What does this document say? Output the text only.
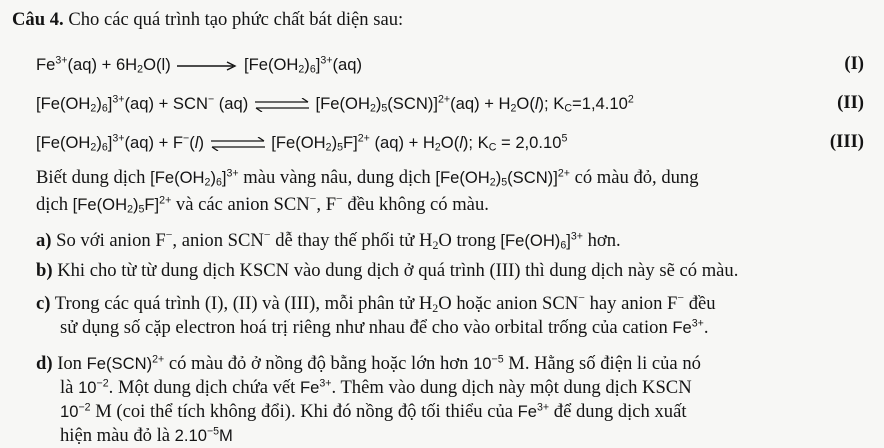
Câu 4. Cho các quá trình tạo phức chất bát diện sau:
$Fe^{3+}(aq) + 6H_2O(l)$	$[Fe(OH_2)_6]^{3+}(aq)$	(I)
$[Fe(OH_2)_6]^{3+}(aq) + SCN^-$ (aq) ⇌ $[Fe(OH_2)_5(SCN)]^{2+}(aq) + H_2O(l)$; $K_C=1,4.10^2$	(II)
$[Fe(OH_2)_6]^{3+}(aq) + F^-(l)$ ⇌ $[Fe(OH_2)_5F]^{2+}$ $(aq) + H_2O(l)$; $K_C = 2,0.10^5$	(III)
Biết dung dịch $[Fe(OH_2)_6]^{3+}$ màu vàng nâu, dung dịch $[Fe(OH_2)_5(SCN)]^{2+}$ có màu đỏ, dung
dịch $[Fe(OH_2)_5F]^{2+}$ và các anion SCN−, F− đều không có màu.
a) So với anion F−, anion SCN− dễ thay thế phối tử $H_2O$ trong $[Fe(OH)_6]^{3+}$ hơn.
b) Khi cho từ từ dung dịch KSCN vào dung dịch ở quá trình (III) thì dung dịch này sẽ có màu.
c) Trong các quá trình (I), (II) và (III), mỗi phân tử $H_2O$ hoặc anion SCN− hay anion F− đều
sử dụng số cặp electron hoá trị riêng như nhau để cho vào orbital trống của cation $Fe^{3+}$.
d) Ion Fe(SCN)$^{2+}$ có màu đỏ ở nồng độ bằng hoặc lớn hơn $10^{-5}$ M. Hằng số điện li của nó
là $10^{-2}$. Một dung dịch chứa vết $Fe^{3+}$. Thêm vào dung dịch này một dung dịch KSCN
$10^{-2}$ M (coi thể tích không đổi). Khi đó nồng độ tối thiểu của $Fe^{3+}$ để dung dịch xuất
hiện màu đỏ là $2.10^{-5}M$
